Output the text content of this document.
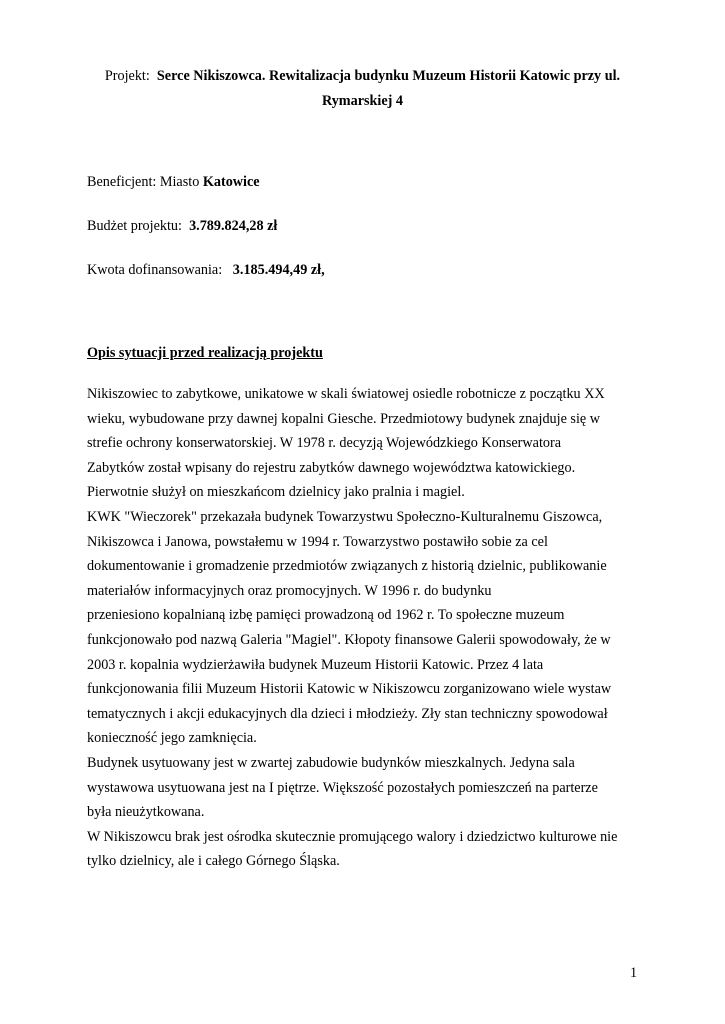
Projekt: Serce Nikiszowca. Rewitalizacja budynku Muzeum Historii Katowic przy ul.
Rymarskiej 4
Beneficjent: Miasto Katowice
Budżet projektu: 3.789.824,28 zł
Kwota dofinansowania: 3.185.494,49 zł,
Opis sytuacji przed realizacją projektu
Nikiszowiec to zabytkowe, unikatowe w skali światowej osiedle robotnicze z początku XX
wieku, wybudowane przy dawnej kopalni Giesche. Przedmiotowy budynek znajduje się w
strefie ochrony konserwatorskiej. W 1978 r. decyzją Wojewódzkiego Konserwatora
Zabytków został wpisany do rejestru zabytków dawnego województwa katowickiego.
Pierwotnie służył on mieszkańcom dzielnicy jako pralnia i magiel.
KWK "Wieczorek" przekazała budynek Towarzystwu Społeczno-Kulturalnemu Giszowca,
Nikiszowca i Janowa, powstałemu w 1994 r. Towarzystwo postawiło sobie za cel
dokumentowanie i gromadzenie przedmiotów związanych z historią dzielnic, publikowanie
materiałów informacyjnych oraz promocyjnych. W 1996 r. do budynku
przeniesiono kopalnianą izbę pamięci prowadzoną od 1962 r. To społeczne muzeum
funkcjonowało pod nazwą Galeria "Magiel". Kłopoty finansowe Galerii spowodowały, że w
2003 r. kopalnia wydzierżawiła budynek Muzeum Historii Katowic. Przez 4 lata
funkcjonowania filii Muzeum Historii Katowic w Nikiszowcu zorganizowano wiele wystaw
tematycznych i akcji edukacyjnych dla dzieci i młodzieży. Zły stan techniczny spowodował
konieczność jego zamknięcia.
Budynek usytuowany jest w zwartej zabudowie budynków mieszkalnych. Jedyna sala
wystawowa usytuowana jest na I piętrze. Większość pozostałych pomieszczeń na parterze
była nieużytkowana.
W Nikiszowcu brak jest ośrodka skutecznie promującego walory i dziedzictwo kulturowe nie
tylko dzielnicy, ale i całego Górnego Śląska.
1
